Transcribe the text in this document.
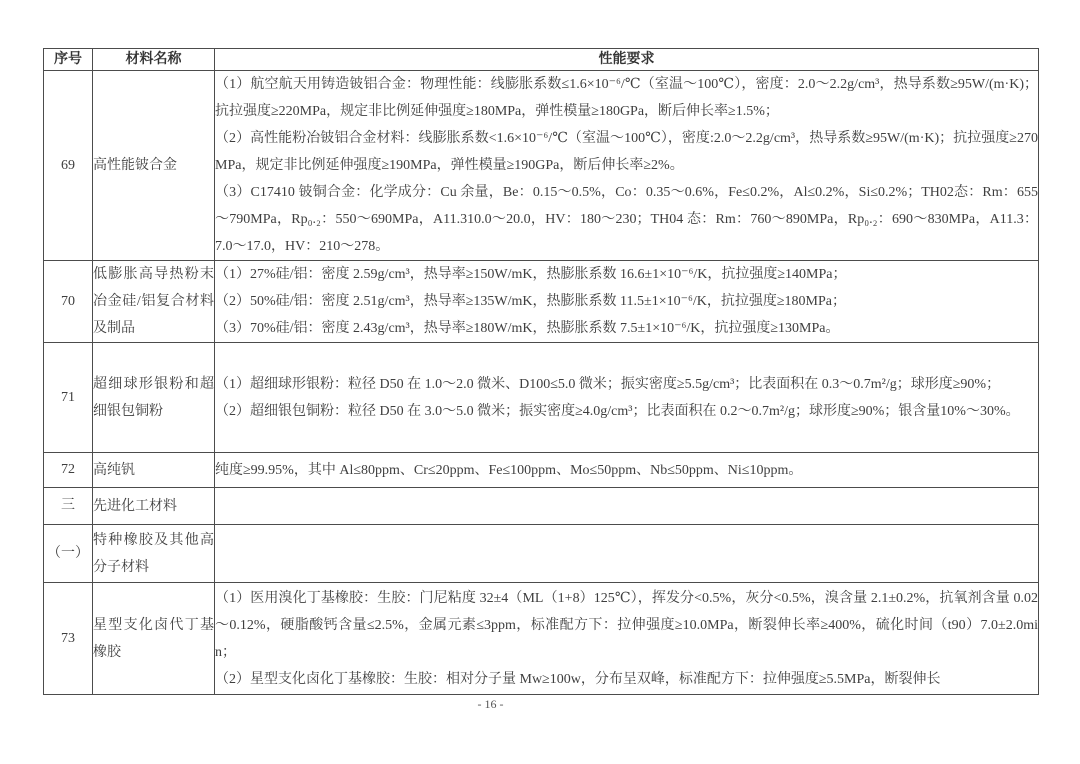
序号	材料名称	性能要求
69	高性能铍合金	（1）航空航天用铸造铍铝合金：物理性能：线膨胀系数≤1.6×10⁻⁶/℃（室温～100℃），密度：2.0～2.2g/cm³，热导系数≥95W/(m·K)；抗拉强度≥220MPa，规定非比例延伸强度≥180MPa，弹性模量≥180GPa，断后伸长率≥1.5%；

（2）高性能粉冶铍铝合金材料：线膨胀系数<1.6×10⁻⁶/℃（室温～100℃），密度:2.0～2.2g/cm³，热导系数≥95W/(m·K)；抗拉强度≥270MPa，规定非比例延伸强度≥190MPa，弹性模量≥190GPa，断后伸长率≥2%。

（3）C17410 铍铜合金：化学成分：Cu 余量，Be：0.15～0.5%，Co：0.35～0.6%，Fe≤0.2%，Al≤0.2%，Si≤0.2%；TH02态：Rm：655～790MPa，Rp₀.₂：550～690MPa，A11.310.0～20.0，HV：180～230；TH04 态：Rm：760～890MPa，Rp₀.₂：690～830MPa，A11.3：7.0～17.0，HV：210～278。

70	低膨胀高导热粉末冶金硅/铝复合材料及制品	（1）27%硅/铝：密度 2.59g/cm³，热导率≥150W/mK，热膨胀系数 16.6±1×10⁻⁶/K，抗拉强度≥140MPa；

（2）50%硅/铝：密度 2.51g/cm³，热导率≥135W/mK，热膨胀系数 11.5±1×10⁻⁶/K，抗拉强度≥180MPa；

（3）70%硅/铝：密度 2.43g/cm³，热导率≥180W/mK，热膨胀系数 7.5±1×10⁻⁶/K，抗拉强度≥130MPa。

71	超细球形银粉和超细银包铜粉	（1）超细球形银粉：粒径 D50 在 1.0～2.0 微米、D100≤5.0 微米；振实密度≥5.5g/cm³；比表面积在 0.3～0.7m²/g；球形度≥90%；

（2）超细银包铜粉：粒径 D50 在 3.0～5.0 微米；振实密度≥4.0g/cm³；比表面积在 0.2～0.7m²/g；球形度≥90%；银含量10%～30%。

72	高纯钒	纯度≥99.95%，其中 Al≤80ppm、Cr≤20ppm、Fe≤100ppm、Mo≤50ppm、Nb≤50ppm、Ni≤10ppm。

三	先进化工材料	
（一）	特种橡胶及其他高分子材料	
73	星型支化卤代丁基橡胶	（1）医用溴化丁基橡胶：生胶：门尼粘度 32±4（ML（1+8）125℃），挥发分<0.5%，灰分<0.5%，溴含量 2.1±0.2%，抗氧剂含量 0.02～0.12%，硬脂酸钙含量≤2.5%，金属元素≤3ppm，标准配方下：拉伸强度≥10.0MPa，断裂伸长率≥400%，硫化时间（t90）7.0±2.0min；

（2）星型支化卤化丁基橡胶：生胶：相对分子量 Mw≥100w，分布呈双峰，标准配方下：拉伸强度≥5.5MPa，断裂伸长

- 16 -
